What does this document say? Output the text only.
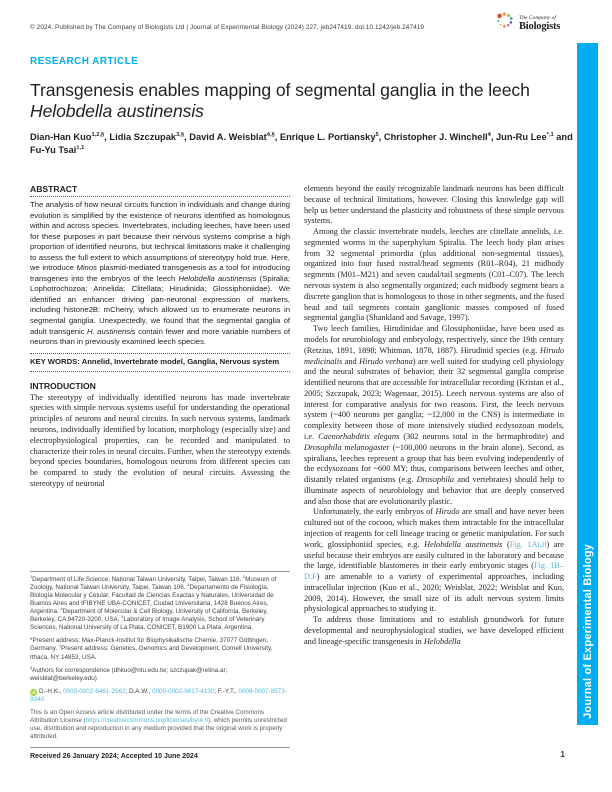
© 2024. Published by The Company of Biologists Ltd | Journal of Experimental Biology (2024) 227, jeb247419. doi:10.1242/jeb.247419
The Company of
Biologists
Journal of Experimental Biology
RESEARCH ARTICLE
Transgenesis enables mapping of segmental ganglia in the leech
Helobdella austinensis
Dian-Han Kuo$^{1,2,\S}$, Lidia Szczupak$^{3,\S}$, David A. Weisblat$^{4,\S}$, Enrique L. Portiansky$^5$, Christopher J. Winchell$^4$, Jun-Ru Lee$^{*,1}$ and Fu-Yu Tsai$^{\ddagger,1}$
ABSTRACT

The analysis of how neural circuits function in individuals and change during evolution is simplified by the existence of neurons identified as homologous within and across species. Invertebrates, including leeches, have been used for these purposes in part because their nervous systems comprise a high proportion of identified neurons, but technical limitations make it challenging to assess the full extent to which assumptions of stereotypy hold true. Here, we introduce Minos plasmid-mediated transgenesis as a tool for introducing transgenes into the embryos of the leech Helobdella austinensis (Spiralia; Lophotrochozoa; Annelida; Clitellata; Hirudinida; Glossiphoniidae). We identified an enhancer driving pan-neuronal expression of markers, including histone2B: mCherry, which allowed us to enumerate neurons in segmental ganglia. Unexpectedly, we found that the segmental ganglia of adult transgenic H. austinensis contain fewer and more variable numbers of neurons than in previously examined leech species.

KEY WORDS: Annelid, Invertebrate model, Ganglia, Nervous system
INTRODUCTION

The stereotypy of individually identified neurons has made invertebrate species with simple nervous systems useful for understanding the operational principles of neurons and neural circuits. In such nervous systems, landmark neurons, individually identified by location, morphology (especially size) and electrophysiological properties, can be recorded and manipulated to characterize their roles in neural circuits. Further, when the stereotypy extends beyond species boundaries, homologous neurons from different species can be compared to study the evolution of neural circuits. Assessing the stereotypy of neuronal

$^1$Department of Life Science, National Taiwan University, Taipei, Taiwan 116. $^2$Museum of Zoology, National Taiwan University, Taipei, Taiwan 106. $^3$Departamento de Fisiología, Biología Molecular y Celular, Facultad de Ciencias Exactas y Naturales, Universidad de Buenos Aires and IFIBYNE UBA-CONICET, Ciudad Universitaria, 1428 Buenos Aires, Argentina. $^4$Department of Molecular & Cell Biology, University of California, Berkeley, Berkeley, CA 94720-3200, USA. $^5$Laboratory of Image Analysis, School of Veterinary Sciences, National University of La Plata, CONICET, B1900 La Plata, Argentina.

*Present address: Max-Planck-Institut für Biophysikalische Chemie, 37077 Göttingen, Germany. ‡Present address: Genetics, Genomics and Development, Cornell University, Ithaca, NY 14853, USA.

§Authors for correspondence (dhkuo@ntu.edu.tw; szczupak@retina.ar; weisblat@berkeley.edu)

iD D.-H.K., 0000-0002-6461-2562; D.A.W., 0000-0002-9617-4130; F.-Y.T., 0009-0007-9573-9340

This is an Open Access article distributed under the terms of the Creative Commons Attribution License (https://creativecommons.org/licenses/by/4.0), which permits unrestricted use, distribution and reproduction in any medium provided that the original work is properly attributed.

Received 26 January 2024; Accepted 10 June 2024

elements beyond the easily recognizable landmark neurons has been difficult because of technical limitations, however. Closing this knowledge gap will help us better understand the plasticity and robustness of these simple nervous systems.

Among the classic invertebrate models, leeches are clitellate annelids, i.e. segmented worms in the superphylum Spiralia. The leech body plan arises from 32 segmental primordia (plus additional non-segmental tissues), organized into four fused rostral/head segments (R01–R04), 21 midbody segments (M01–M21) and seven caudal/tail segments (C01–C07). The leech nervous system is also segmentally organized; each midbody segment bears a discrete ganglion that is homologous to those in other segments, and the fused head and tail segments contain ganglionic masses composed of fused segmental ganglia (Shankland and Savage, 1997).

Two leech families, Hirudinidae and Glossiphoniidae, have been used as models for neurobiology and embryology, respectively, since the 19th century (Retzius, 1891, 1898; Whitman, 1878, 1887). Hirudinid species (e.g. Hirudo medicinalis and Hirudo verbana) are well suited for studying cell physiology and the neural substrates of behavior; their 32 segmental ganglia comprise identified neurons that are accessible for intracellular recording (Kristan et al., 2005; Szczupak, 2023; Wagenaar, 2015). Leech nervous systems are also of interest for comparative analysis for two reasons. First, the leech nervous system (~400 neurons per ganglia; ~12,000 in the CNS) is intermediate in complexity between those of more intensively studied ecdysozoan models, i.e. Caenorhabditis elegans (302 neurons total in the hermaphrodite) and Drosophila melanogaster (~100,000 neurons in the brain alone). Second, as spiralians, leeches represent a group that has been evolving independently of the ecdysozoans for ~600 MY; thus, comparisons between leeches and other, distantly related organisms (e.g. Drosophila and vertebrates) should help to illuminate aspects of neurobiology and behavior that are deeply conserved and also those that are evolutionarily plastic.

Unfortunately, the early embryos of Hirudo are small and have never been cultured out of the cocoon, which makes them intractable for the intracellular injection of reagents for cell lineage tracing or genetic manipulation. For such work, glossiphoniid species, e.g. Helobdella austinensis (Fig. 1Ai,ii) are useful because their embryos are easily cultured in the laboratory and because the large, identifiable blastomeres in their early embryonic stages (Fig. 1B–D,F) are amenable to a variety of experimental approaches, including intracellular injection (Kuo et al., 2020; Weisblat, 2022; Weisblat and Kuo, 2009, 2014). However, the small size of its adult nervous system limits physiological approaches to studying it.

To address those limitations and to establish groundwork for future developmental and neurophysiological studies, we have developed efficient and lineage-specific transgenesis in Helobdella

1
